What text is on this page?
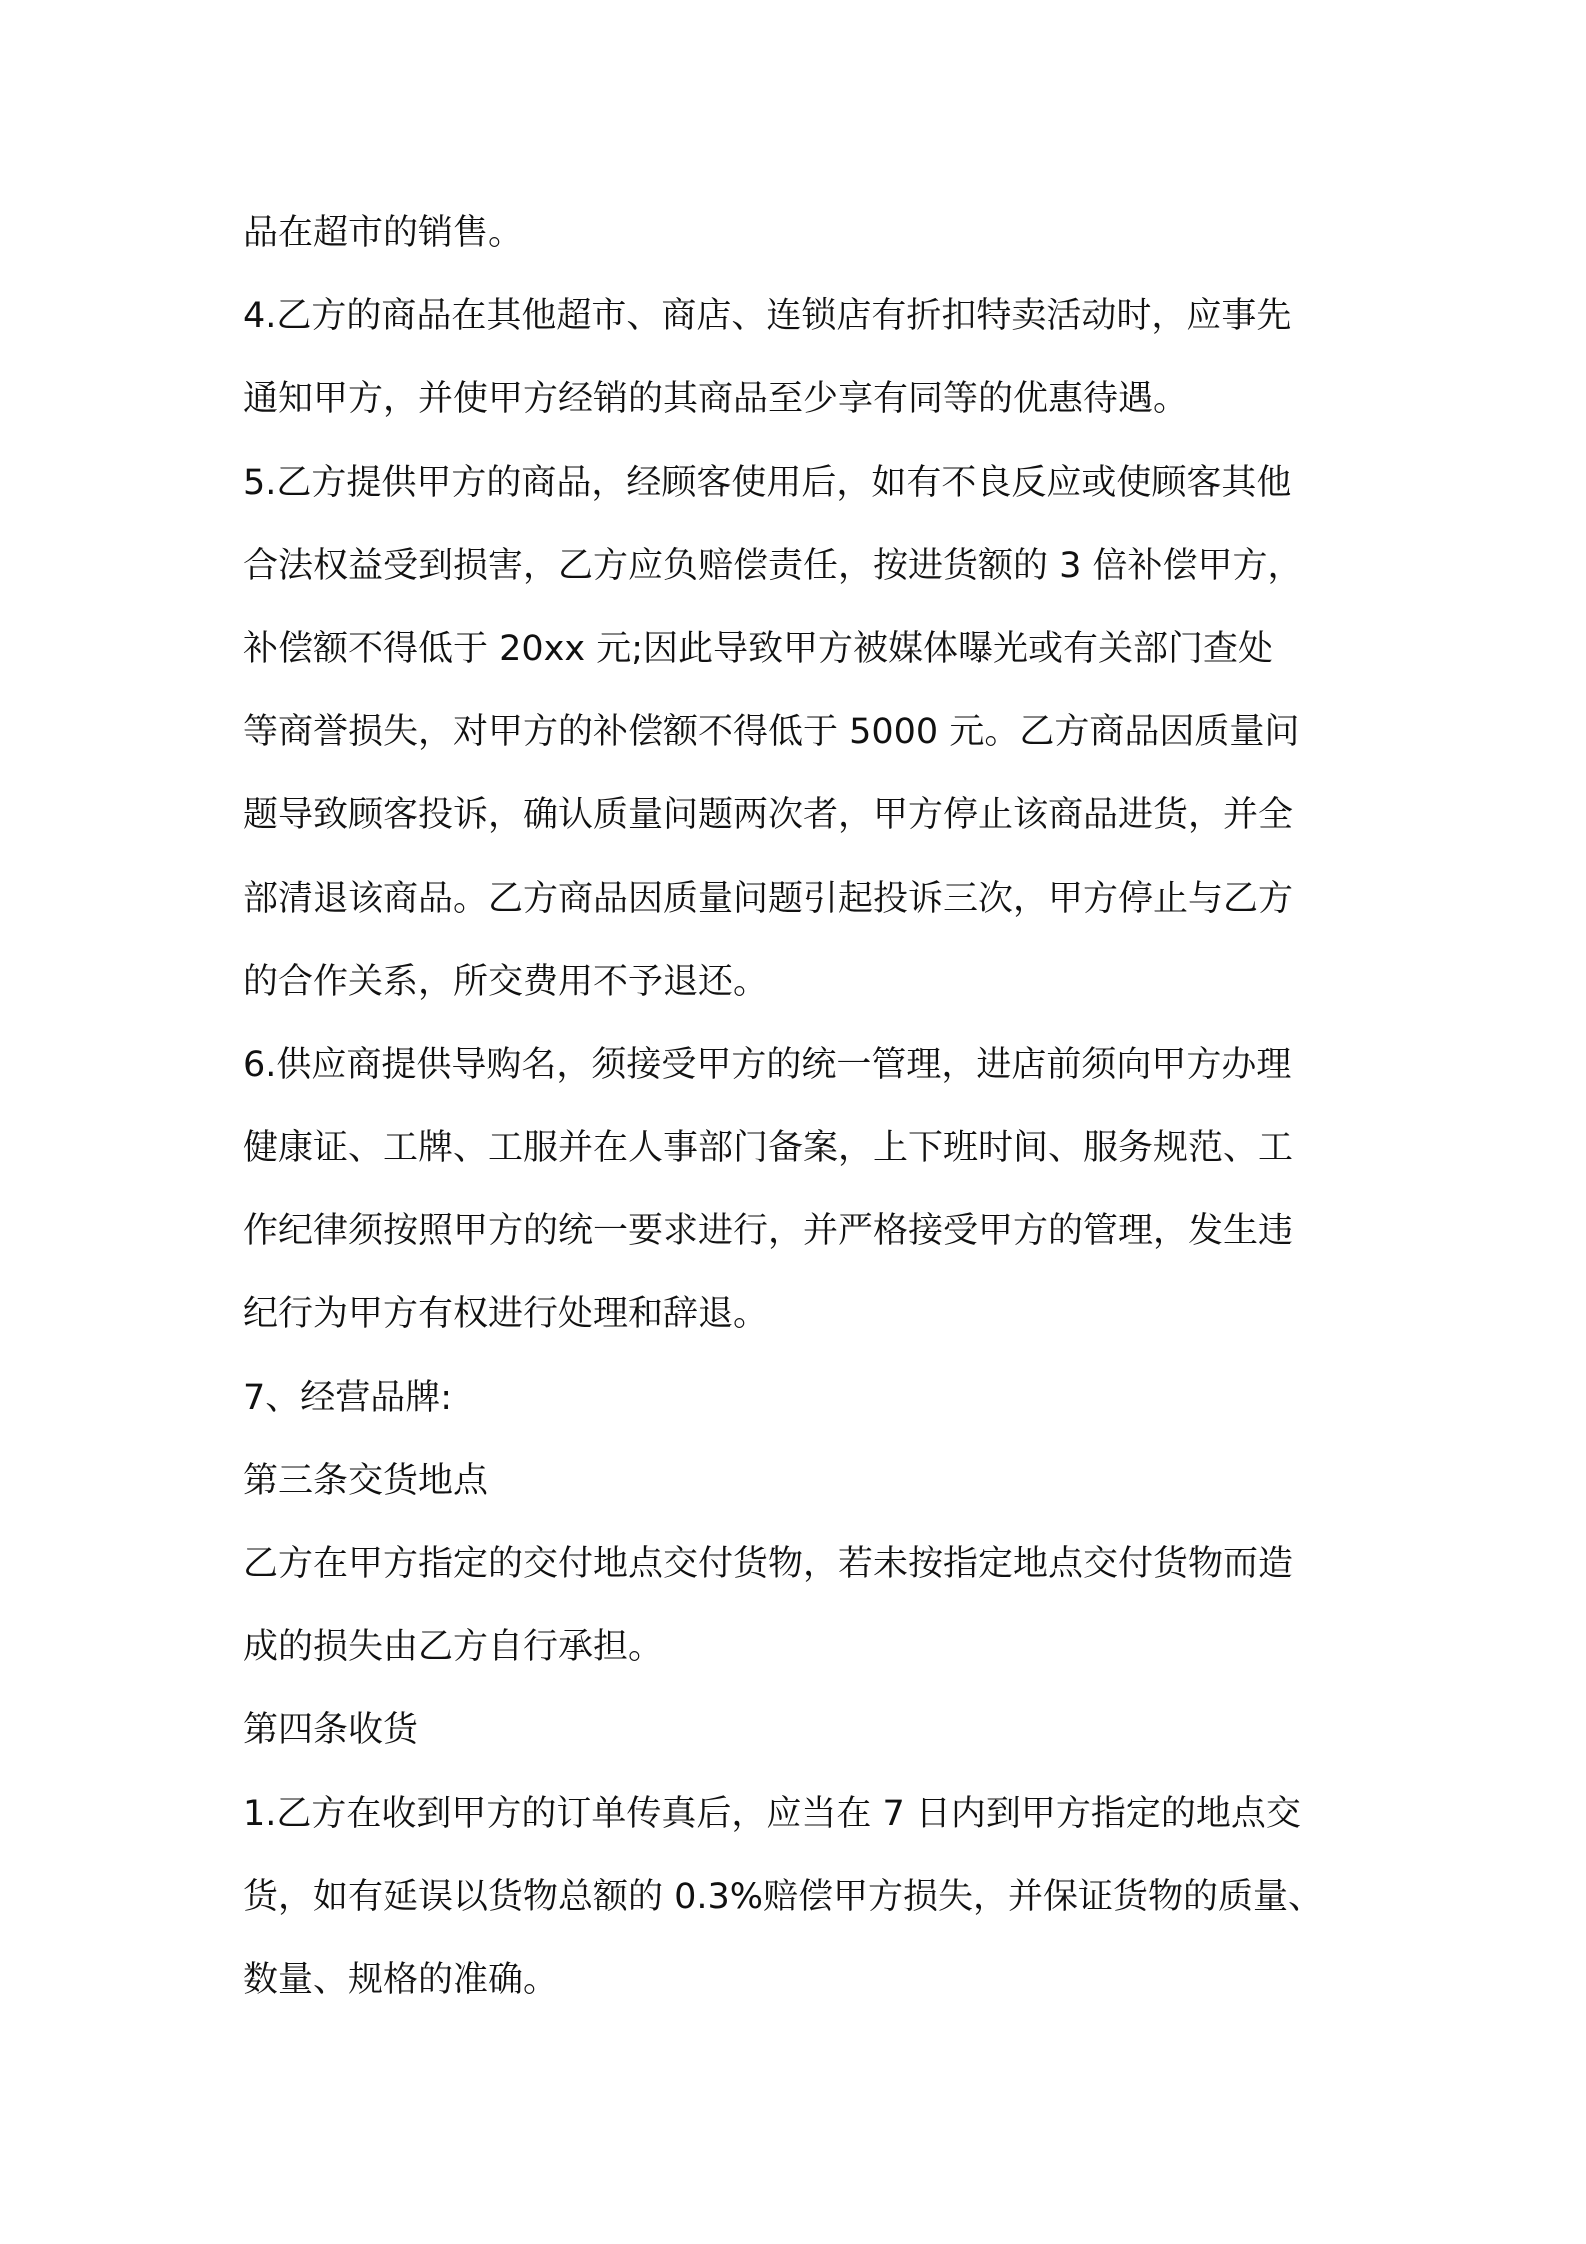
品在超市的销售。
4.乙方的商品在其他超市、商店、连锁店有折扣特卖活动时，应事先
通知甲方，并使甲方经销的其商品至少享有同等的优惠待遇。
5.乙方提供甲方的商品，经顾客使用后，如有不良反应或使顾客其他
合法权益受到损害，乙方应负赔偿责任，按进货额的 3 倍补偿甲方，
补偿额不得低于 20xx 元;因此导致甲方被媒体曝光或有关部门查处
等商誉损失，对甲方的补偿额不得低于 5000 元。乙方商品因质量问
题导致顾客投诉，确认质量问题两次者，甲方停止该商品进货，并全
部清退该商品。乙方商品因质量问题引起投诉三次，甲方停止与乙方
的合作关系，所交费用不予退还。
6.供应商提供导购名，须接受甲方的统一管理，进店前须向甲方办理
健康证、工牌、工服并在人事部门备案，上下班时间、服务规范、工
作纪律须按照甲方的统一要求进行，并严格接受甲方的管理，发生违
纪行为甲方有权进行处理和辞退。
7、经营品牌:
第三条交货地点
乙方在甲方指定的交付地点交付货物，若未按指定地点交付货物而造
成的损失由乙方自行承担。
第四条收货
1.乙方在收到甲方的订单传真后，应当在 7 日内到甲方指定的地点交
货，如有延误以货物总额的 0.3%赔偿甲方损失，并保证货物的质量、
数量、规格的准确。
